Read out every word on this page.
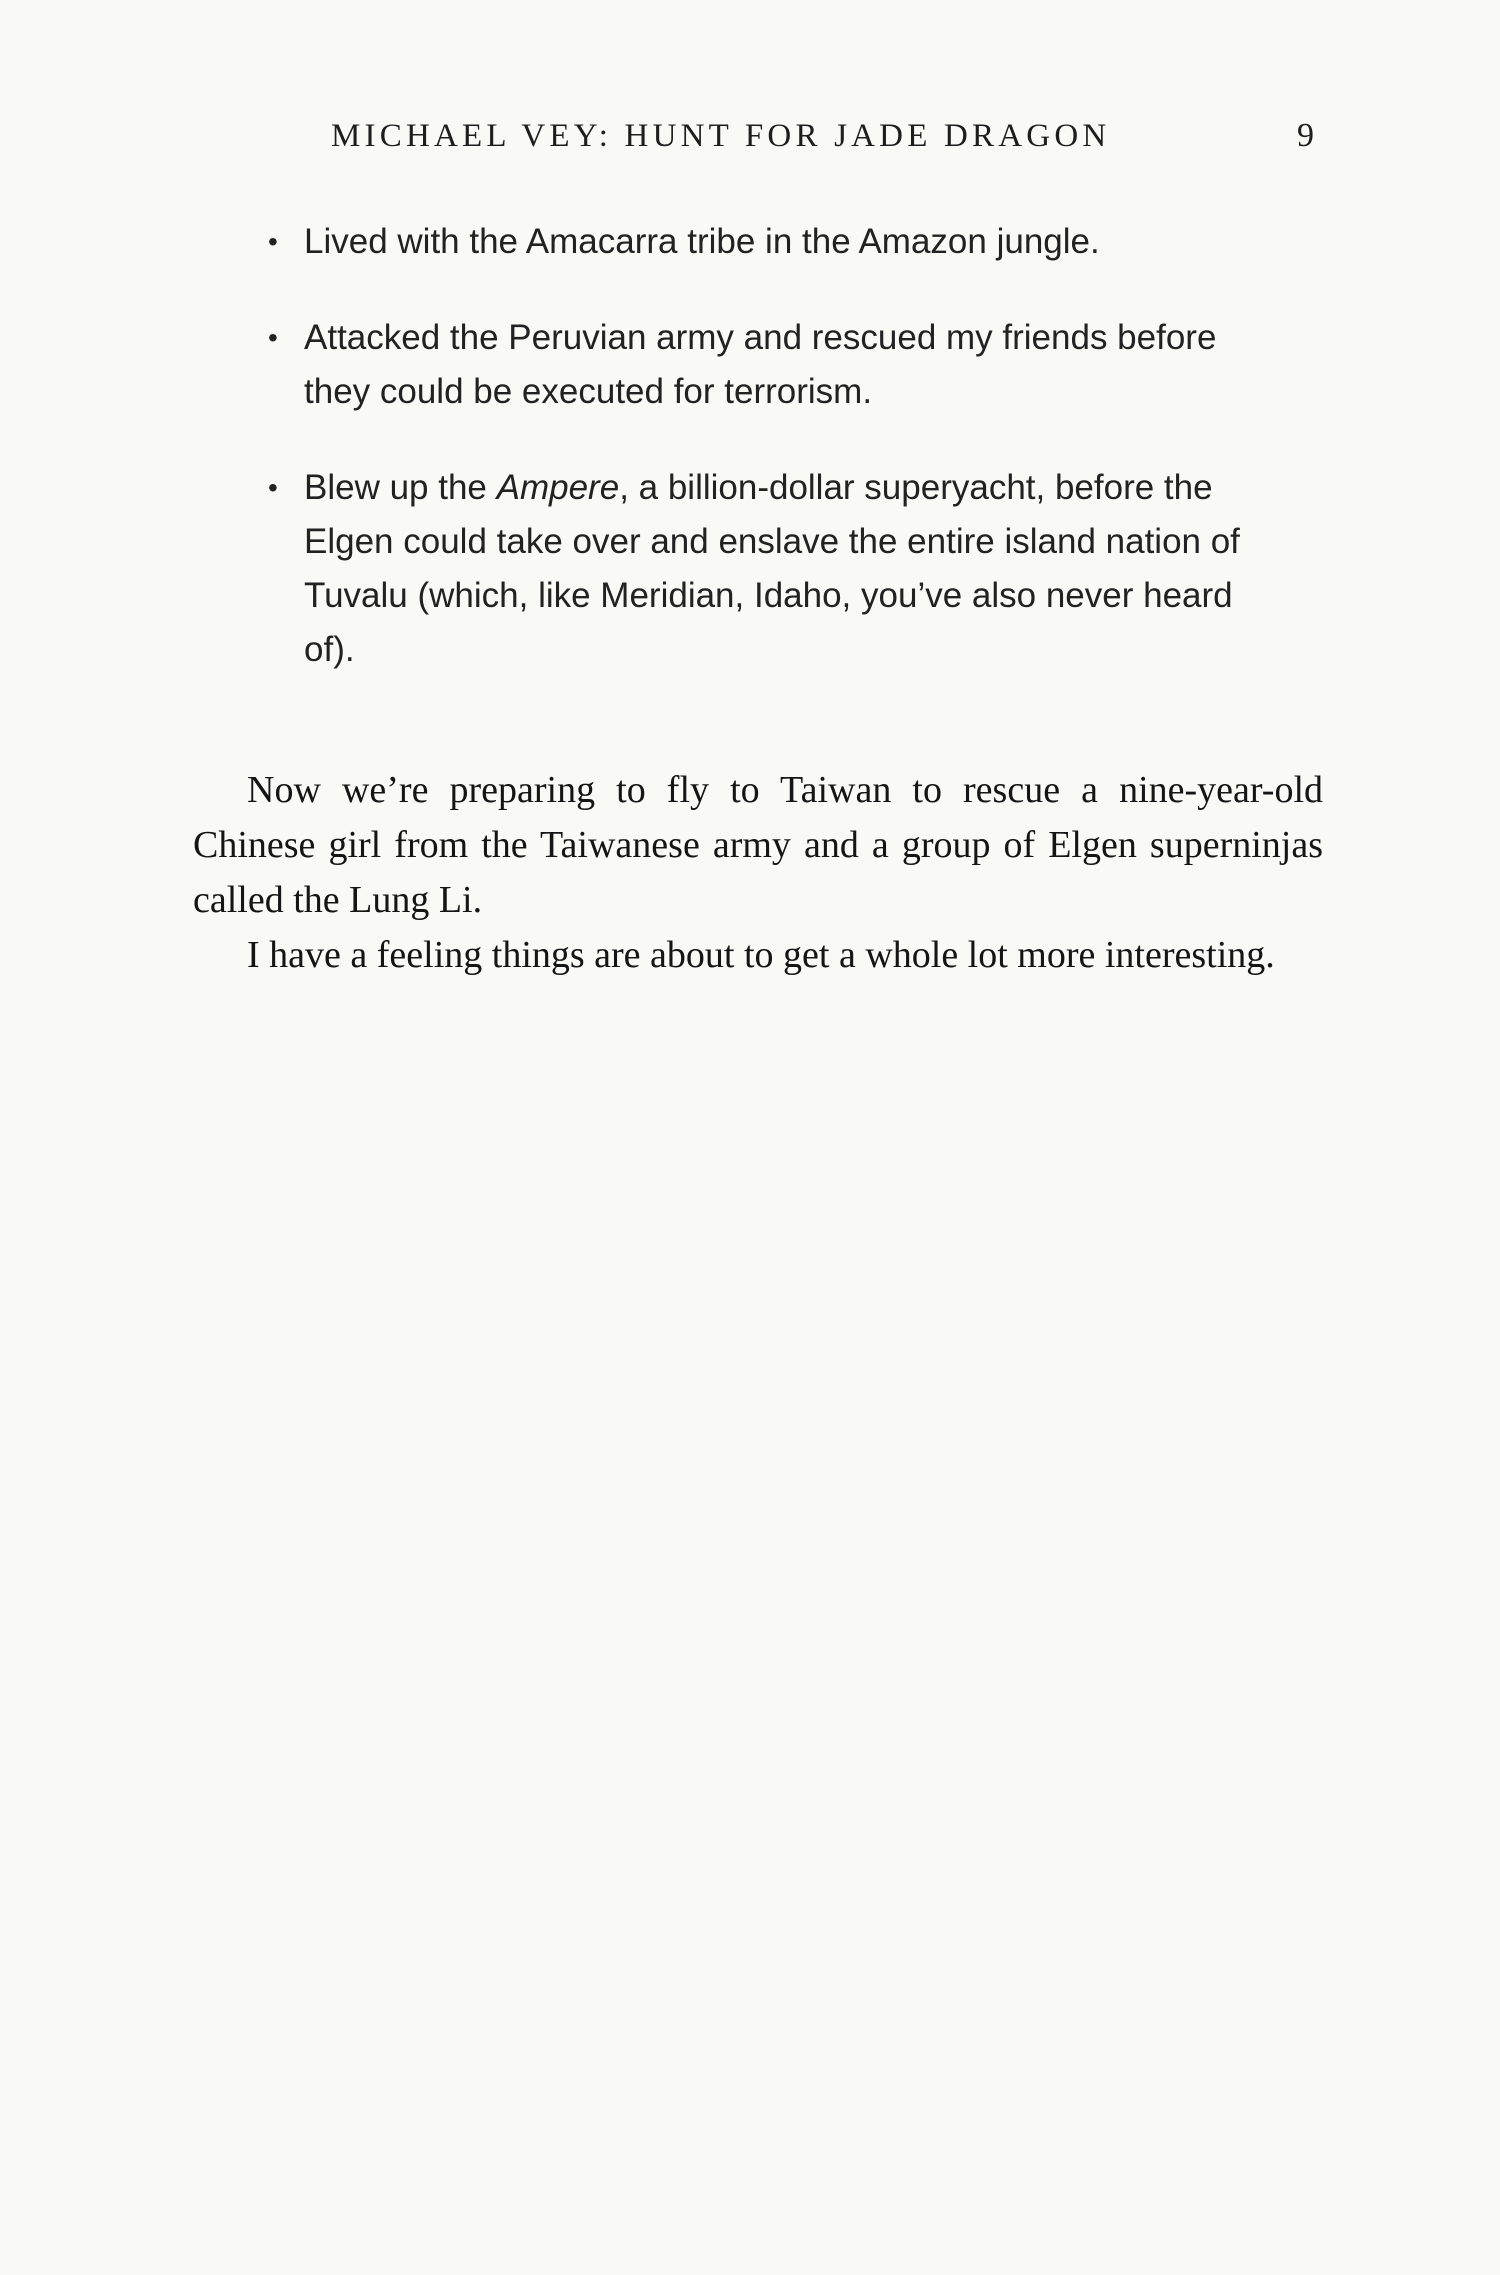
MICHAEL VEY: HUNT FOR JADE DRAGON	9
• Lived with the Amacarra tribe in the Amazon jungle.
• Attacked the Peruvian army and rescued my friends before they could be executed for terrorism.
• Blew up the Ampere, a billion-dollar superyacht, before the Elgen could take over and enslave the entire island nation of Tuvalu (which, like Meridian, Idaho, you’ve also never heard of).

Now we’re preparing to fly to Taiwan to rescue a nine-year-old Chinese girl from the Taiwanese army and a group of Elgen superninjas called the Lung Li.

I have a feeling things are about to get a whole lot more interesting.
